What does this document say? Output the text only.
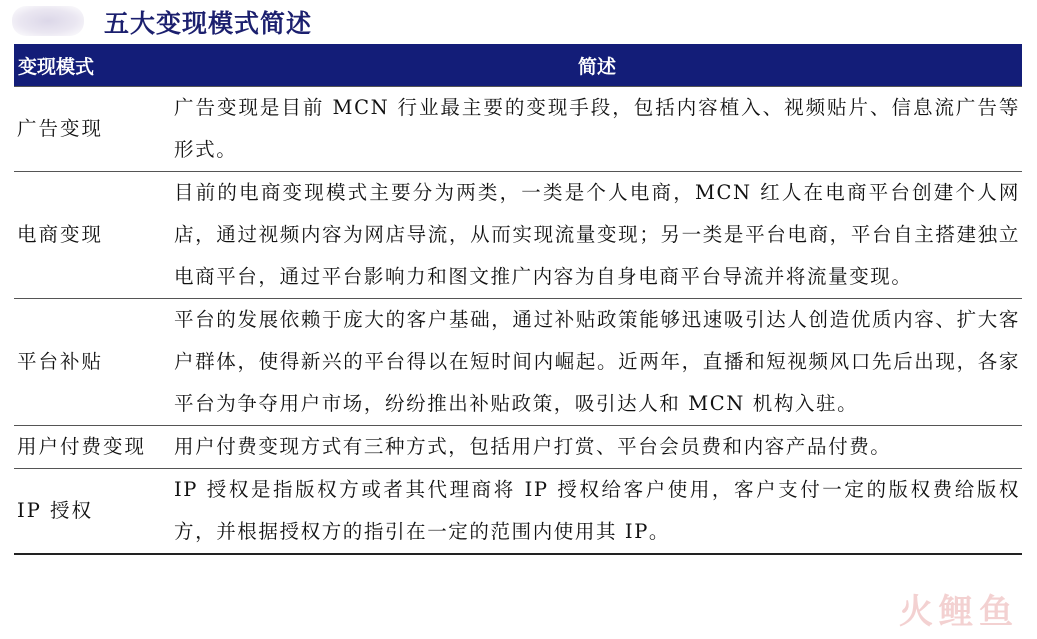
五大变现模式简述
变现模式	简述
广告变现	广告变现是目前 MCN 行业最主要的变现手段，包括内容植入、视频贴片、信息流广告等形式。
电商变现	目前的电商变现模式主要分为两类，一类是个人电商，MCN 红人在电商平台创建个人网店，通过视频内容为网店导流，从而实现流量变现；另一类是平台电商，平台自主搭建独立电商平台，通过平台影响力和图文推广内容为自身电商平台导流并将流量变现。
平台补贴	平台的发展依赖于庞大的客户基础，通过补贴政策能够迅速吸引达人创造优质内容、扩大客户群体，使得新兴的平台得以在短时间内崛起。近两年，直播和短视频风口先后出现，各家平台为争夺用户市场，纷纷推出补贴政策，吸引达人和 MCN 机构入驻。
用户付费变现	用户付费变现方式有三种方式，包括用户打赏、平台会员费和内容产品付费。
IP 授权	IP 授权是指版权方或者其代理商将 IP 授权给客户使用，客户支付一定的版权费给版权方，并根据授权方的指引在一定的范围内使用其 IP。
火鲤鱼
